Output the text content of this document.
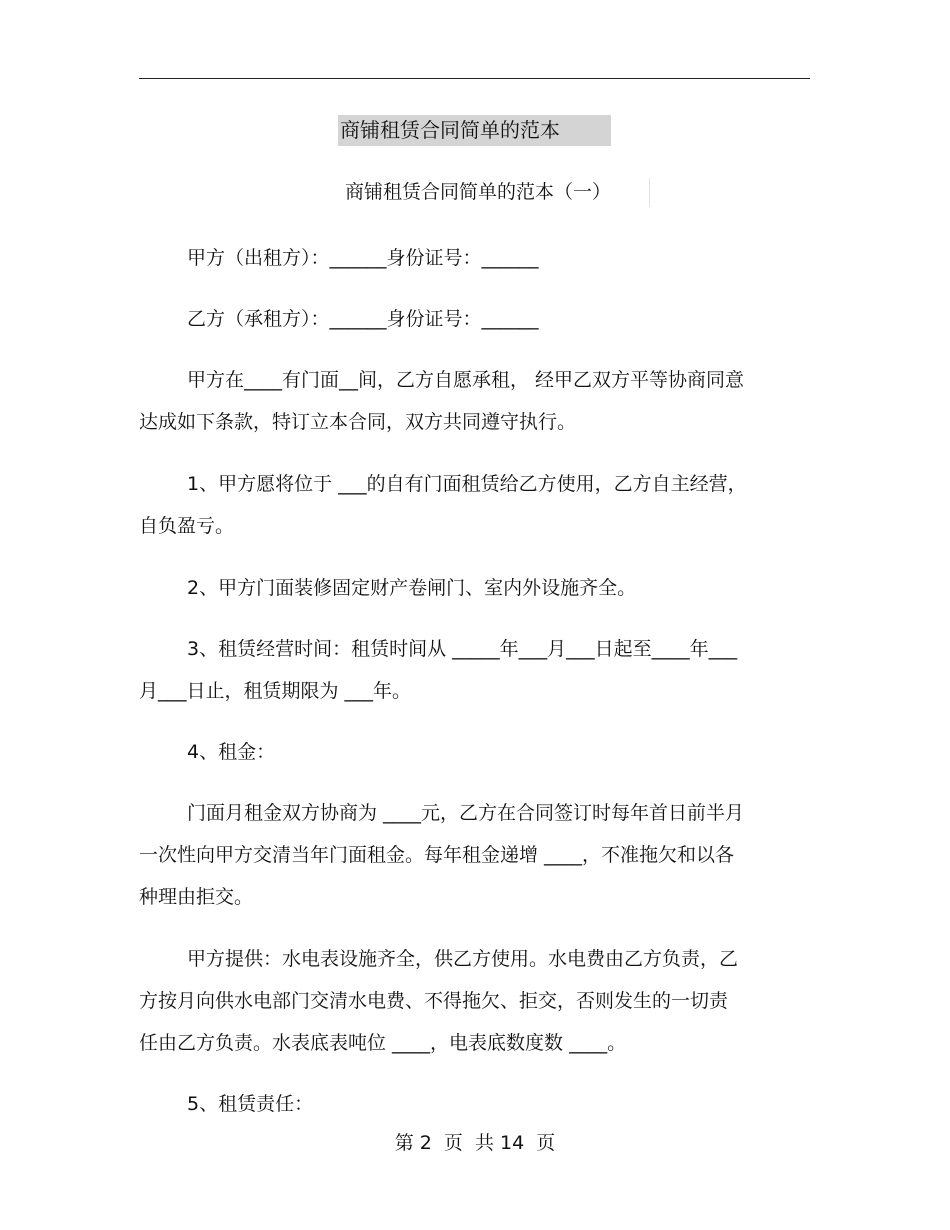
商铺租赁合同简单的范本
商铺租赁合同简单的范本（一）
甲方（出租方）：______身份证号：______
乙方（承租方）：______身份证号：______
甲方在____有门面__间，乙方自愿承租， 经甲乙双方平等协商同意
达成如下条款，特订立本合同，双方共同遵守执行。
1、甲方愿将位于 ___的自有门面租赁给乙方使用，乙方自主经营，
自负盈亏。
2、甲方门面装修固定财产卷闸门、室内外设施齐全。
3、租赁经营时间：租赁时间从 _____年___月___日起至____年___
月___日止，租赁期限为 ___年。
4、租金：
门面月租金双方协商为 ____元，乙方在合同签订时每年首日前半月
一次性向甲方交清当年门面租金。每年租金递增 ____，不准拖欠和以各
种理由拒交。
甲方提供：水电表设施齐全，供乙方使用。水电费由乙方负责，乙
方按月向供水电部门交清水电费、不得拖欠、拒交，否则发生的一切责
任由乙方负责。水表底表吨位 ____，电表底数度数 ____。
5、租赁责任：
第 2  页  共 14  页
